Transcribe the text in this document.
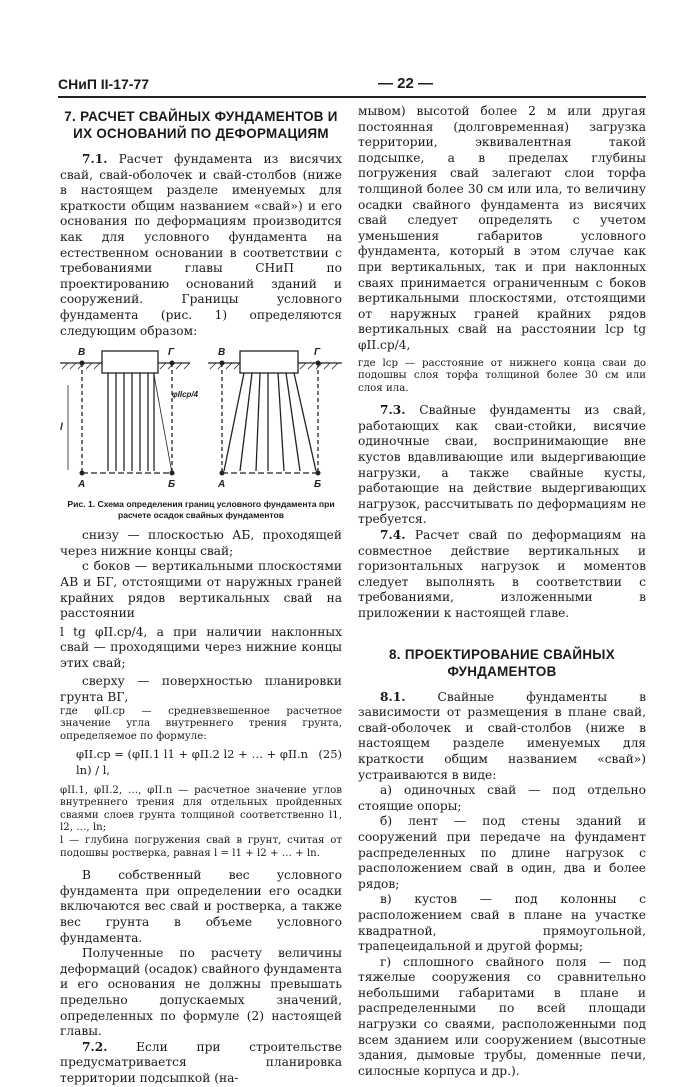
СНиП II-17-77	— 22 —
7. РАСЧЕТ СВАЙНЫХ ФУНДАМЕНТОВ И ИХ ОСНОВАНИЙ ПО ДЕФОРМАЦИЯМ

7.1. Расчет фундамента из висячих свай, свай-оболочек и свай-столбов (ниже в настоящем разделе именуемых для краткости общим названием «свай») и его основания по деформациям производится как для условного фундамента на естественном основании в соответствии с требованиями главы СНиП по проектированию оснований зданий и сооружений. Границы условного фундамента (рис. 1) определяются следующим образом:

В	Г
А	Б
l
φIIср/4
В	Г
А	Б

Рис. 1. Схема определения границ условного фундамента при расчете осадок свайных фундаментов

снизу — плоскостью АБ, проходящей через нижние концы свай;

с боков — вертикальными плоскостями АВ и БГ, отстоящими от наружных граней крайних рядов вертикальных свай на расстоянии

l tg φII.ср/4, а при наличии наклонных свай — проходящими через нижние концы этих свай;

сверху — поверхностью планировки грунта ВГ,

где φII.ср — средневзвешенное расчетное значение угла внутреннего трения грунта, определяемое по формуле:

φII.ср = (φII.1 l1 + φII.2 l2 + … + φII.n ln) / l,
(25)

φII.1, φII.2, …, φII.n — расчетное значение углов внутреннего трения для отдельных пройденных сваями слоев грунта толщиной соответственно l1, l2, …, ln;

l — глубина погружения свай в грунт, считая от подошвы ростверка, равная l = l1 + l2 + … + ln.

В собственный вес условного фундамента при определении его осадки включаются вес свай и ростверка, а также вес грунта в объеме условного фундамента.

Полученные по расчету величины деформаций (осадок) свайного фундамента и его основания не должны превышать предельно допускаемых значений, определенных по формуле (2) настоящей главы.

7.2. Если при строительстве предусматривается планировка территории подсыпкой (на-

мывом) высотой более 2 м или другая постоянная (долговременная) загрузка территории, эквивалентная такой подсыпке, а в пределах глубины погружения свай залегают слои торфа толщиной более 30 см или ила, то величину осадки свайного фундамента из висячих свай следует определять с учетом уменьшения габаритов условного фундамента, который в этом случае как при вертикальных, так и при наклонных сваях принимается ограниченным с боков вертикальными плоскостями, отстоящими от наружных граней крайних рядов вертикальных свай на расстоянии lср tg φII.ср/4,

где lср — расстояние от нижнего конца сваи до подошвы слоя торфа толщиной более 30 см или слоя ила.

7.3. Свайные фундаменты из свай, работающих как сваи-стойки, висячие одиночные сваи, воспринимающие вне кустов вдавливающие или выдергивающие нагрузки, а также свайные кусты, работающие на действие выдергивающих нагрузок, рассчитывать по деформациям не требуется.

7.4. Расчет свай по деформациям на совместное действие вертикальных и горизонтальных нагрузок и моментов следует выполнять в соответствии с требованиями, изложенными в приложении к настоящей главе.

8. ПРОЕКТИРОВАНИЕ СВАЙНЫХ ФУНДАМЕНТОВ

8.1.	Свайные фундаменты в зависимости от размещения в плане свай, свай-оболочек и свай-столбов (ниже в настоящем разделе именуемых для краткости общим названием «свай») устраиваются в виде:

а) одиночных свай — под отдельно стоящие опоры;

б) лент — под стены зданий и сооружений при передаче на фундамент распределенных по длине нагрузок с расположением свай в один, два и более рядов;

в) кустов — под колонны с расположением свай в плане на участке квадратной, прямоугольной, трапецеидальной и другой формы;

г) сплошного свайного поля — под тяжелые сооружения со сравнительно небольшими габаритами в плане и распределенными по всей площади нагрузки со сваями, расположенными под всем зданием или сооружением (высотные здания, дымовые трубы, доменные печи, силосные корпуса и др.).
